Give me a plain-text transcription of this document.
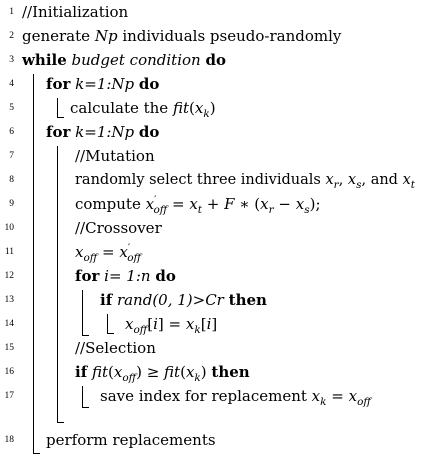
1 //Initialization
2 generate Np individuals pseudo-randomly
3 while budget condition do
4 for k=1:Np do
5	calculate the $fit(x_k)$
6 for k=1:Np do
7	//Mutation
8	randomly select three individuals $x_r$, $x_s$, and $x_t$
9	compute $x'_{off} = x_t + F$ ∗ $(x_r - x_s)$;
10	//Crossover
11	$x_{off} = x'_{off}$
12	for i= 1:n do
13	if rand(0, 1)>Cr then
14	$x_{off}[i] = x_k[i]$
15	//Selection
16	if $fit(x_{off}) \ge fit(x_k)$ then
17	save index for replacement $x_k = x_{off}$
18 perform replacements
